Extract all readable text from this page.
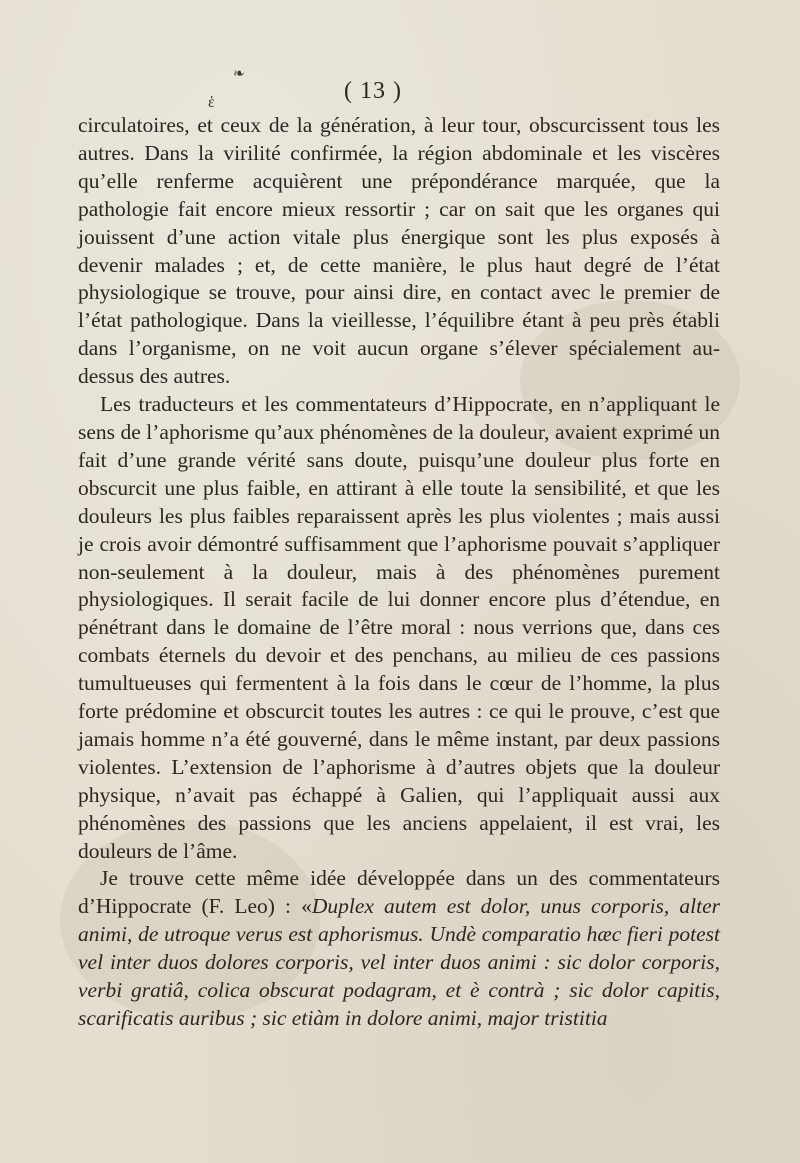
❧
ἑ	( 13 )

circulatoires, et ceux de la génération, à leur tour, obscurcissent tous les autres. Dans la virilité confirmée, la région abdominale et les viscères qu’elle renferme acquièrent une prépondérance marquée, que la pathologie fait encore mieux ressortir ; car on sait que les organes qui jouissent d’une action vitale plus énergique sont les plus exposés à devenir malades ; et, de cette manière, le plus haut degré de l’état physiologique se trouve, pour ainsi dire, en contact avec le premier de l’état pathologique. Dans la vieillesse, l’équilibre étant à peu près établi dans l’organisme, on ne voit aucun organe s’élever spécialement au-dessus des autres.

Les traducteurs et les commentateurs d’Hippocrate, en n’appliquant le sens de l’aphorisme qu’aux phénomènes de la douleur, avaient exprimé un fait d’une grande vérité sans doute, puisqu’une douleur plus forte en obscurcit une plus faible, en attirant à elle toute la sensibilité, et que les douleurs les plus faibles reparaissent après les plus violentes ; mais aussi je crois avoir démontré suffisamment que l’aphorisme pouvait s’appliquer non-seulement à la douleur, mais à des phénomènes purement physiologiques. Il serait facile de lui donner encore plus d’étendue, en pénétrant dans le domaine de l’être moral : nous verrions que, dans ces combats éternels du devoir et des penchans, au milieu de ces passions tumultueuses qui fermentent à la fois dans le cœur de l’homme, la plus forte prédomine et obscurcit toutes les autres : ce qui le prouve, c’est que jamais homme n’a été gouverné, dans le même instant, par deux passions violentes. L’extension de l’aphorisme à d’autres objets que la douleur physique, n’avait pas échappé à Galien, qui l’appliquait aussi aux phénomènes des passions que les anciens appelaient, il est vrai, les douleurs de l’âme.

Je trouve cette même idée développée dans un des commentateurs d’Hippocrate (F. Leo) : «Duplex autem est dolor, unus corporis, alter animi, de utroque verus est aphorismus. Undè comparatio hæc fieri potest vel inter duos dolores corporis, vel inter duos animi : sic dolor corporis, verbi gratiâ, colica obscurat podagram, et è contrà ; sic dolor capitis, scarificatis auribus ; sic etiàm in dolore animi, major tristitia
